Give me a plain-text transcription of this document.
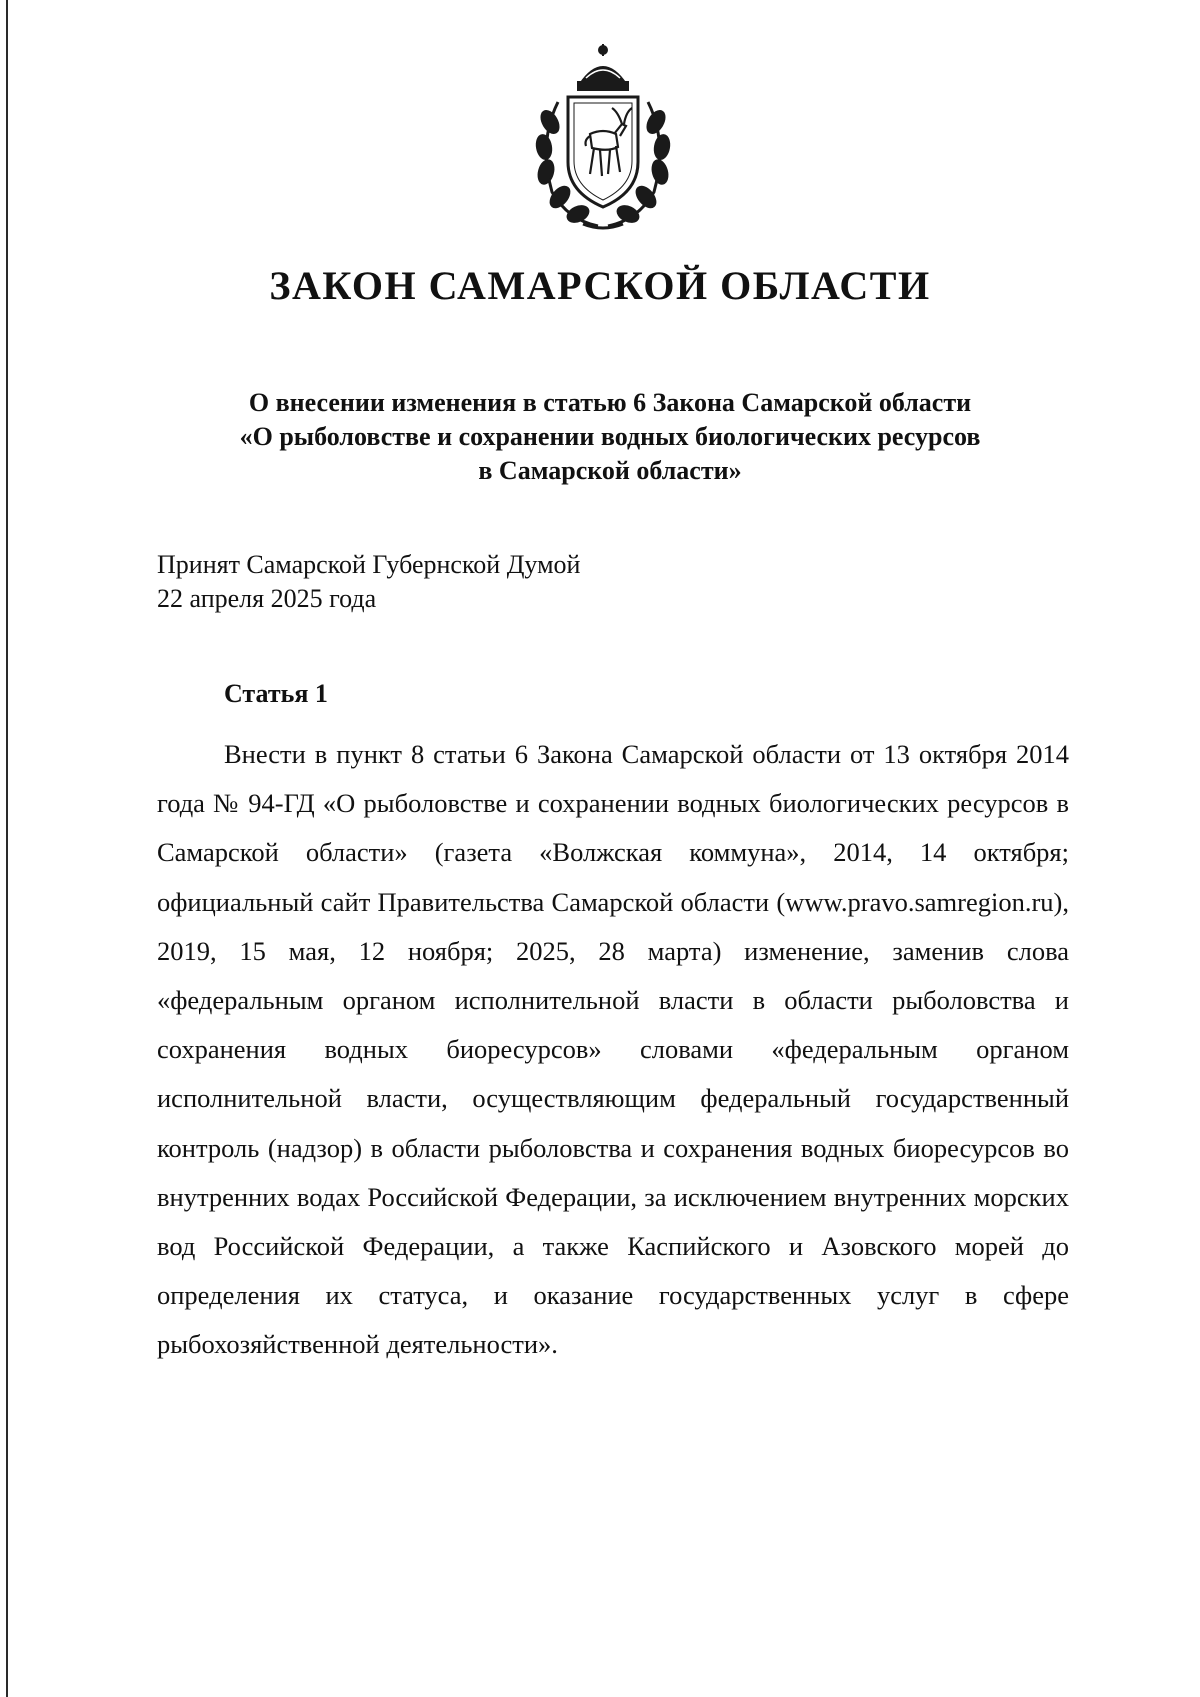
ЗАКОН САМАРСКОЙ ОБЛАСТИ
О внесении изменения в статью 6 Закона Самарской области
«О рыболовстве и сохранении водных биологических ресурсов
в Самарской области»
Принят Самарской Губернской Думой
22 апреля 2025 года
Статья 1

Внести в пункт 8 статьи 6 Закона Самарской области от 13 октября 2014 года № 94-ГД «О рыболовстве и сохранении водных биологических ресурсов в Самарской области» (газета «Волжская коммуна», 2014, 14 октября; официальный сайт Правительства Самарской области (www.pravo.samregion.ru), 2019, 15 мая, 12 ноября; 2025, 28 марта) изменение, заменив слова «федеральным органом исполнительной власти в области рыболовства и сохранения водных биоресурсов» словами «федеральным органом исполнительной власти, осуществляющим федеральный государственный контроль (надзор) в области рыболовства и сохранения водных биоресурсов во внутренних водах Российской Федерации, за исключением внутренних морских вод Российской Федерации, а также Каспийского и Азовского морей до определения их статуса, и оказание государственных услуг в сфере рыбохозяйственной деятельности».
